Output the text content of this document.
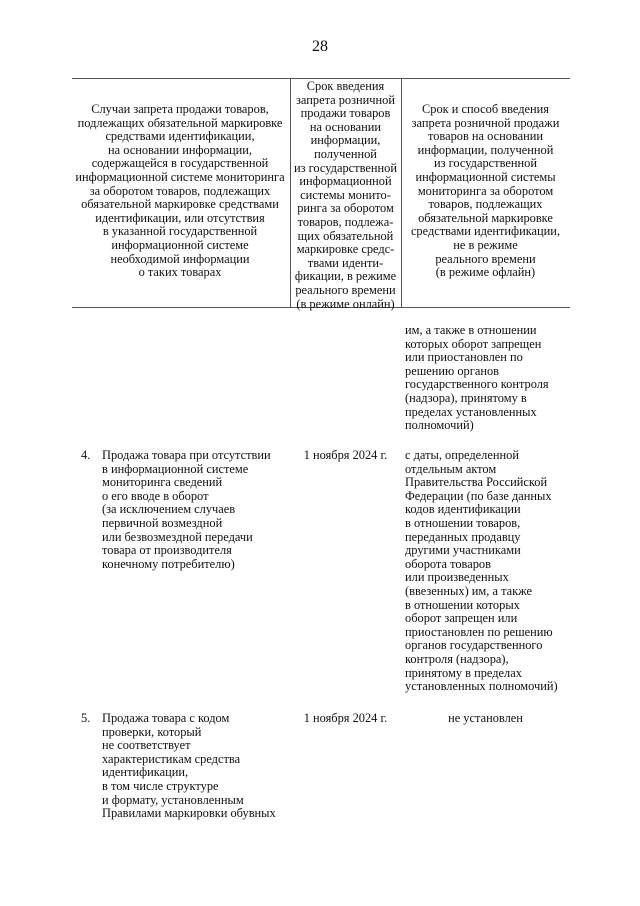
28
Случаи запрета продажи товаров,
подлежащих обязательной маркировке
средствами идентификации,
на основании информации,
содержащейся в государственной
информационной системе мониторинга
за оборотом товаров, подлежащих
обязательной маркировке средствами
идентификации, или отсутствия
в указанной государственной
информационной системе
необходимой информации
о таких товарах
Срок введения
запрета розничной
продажи товаров
на основании
информации,
полученной
из государственной
информационной
системы монито-
ринга за оборотом
товаров, подлежа-
щих обязательной
маркировке средс-
твами иденти-
фикации, в режиме
реального времени
(в режиме онлайн)
Срок и способ введения
запрета розничной продажи
товаров на основании
информации, полученной
из государственной
информационной системы
мониторинга за оборотом
товаров, подлежащих
обязательной маркировке
средствами идентификации,
не в режиме
реального времени
(в режиме офлайн)
им, а также в отношении
которых оборот запрещен
или приостановлен по
решению органов
государственного контроля
(надзора), принятому в
пределах установленных
полномочий)
4. Продажа товара при отсутствии
в информационной системе
мониторинга сведений
о его вводе в оборот
(за исключением случаев
первичной возмездной
или безвозмездной передачи
товара от производителя
конечному потребителю)
1 ноября 2024 г.	с даты, определенной
отдельным актом
Правительства Российской
Федерации (по базе данных
кодов идентификации
в отношении товаров,
переданных продавцу
другими участниками
оборота товаров
или произведенных
(ввезенных) им, а также
в отношении которых
оборот запрещен или
приостановлен по решению
органов государственного
контроля (надзора),
принятому в пределах
установленных полномочий)
5. Продажа товара с кодом
проверки, который
не соответствует
характеристикам средства
идентификации,
в том числе структуре
и формату, установленным
Правилами маркировки обувных
1 ноября 2024 г.	не установлен
